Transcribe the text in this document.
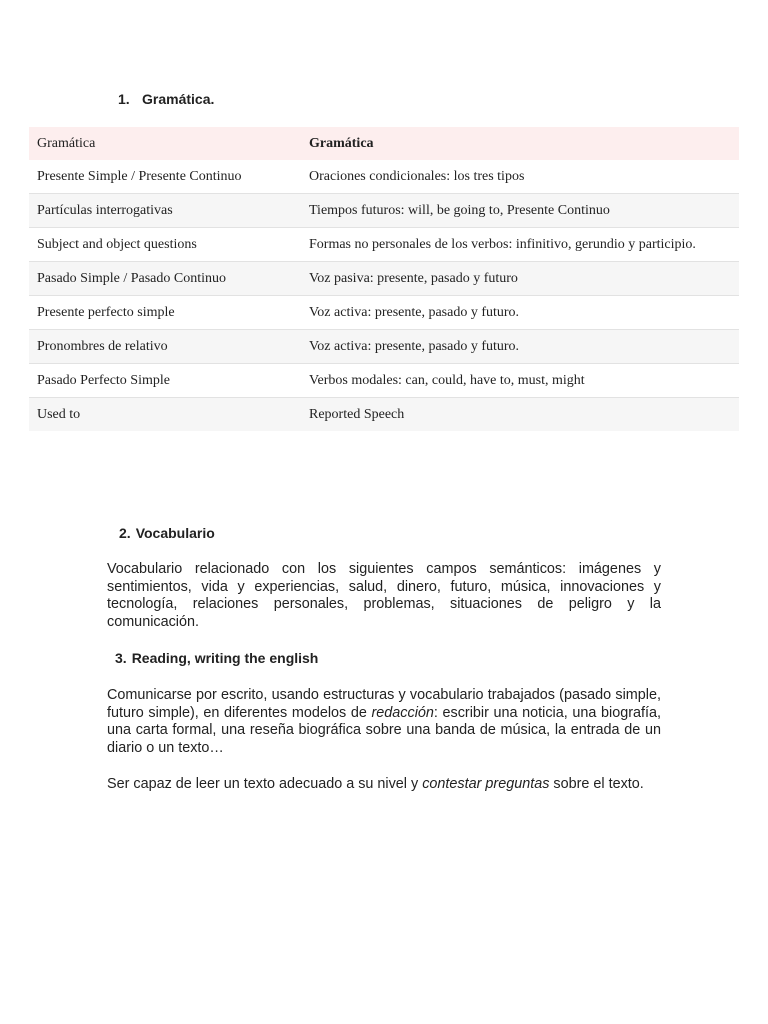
1. Gramática.
Gramática	Gramática
Presente Simple / Presente Continuo	Oraciones condicionales: los tres tipos
Partículas interrogativas	Tiempos futuros: will, be going to, Presente Continuo
Subject and object questions	Formas no personales de los verbos: infinitivo, gerundio y participio.
Pasado Simple / Pasado Continuo	Voz pasiva: presente, pasado y futuro
Presente perfecto simple	Voz activa: presente, pasado y futuro.
Pronombres de relativo	Voz activa: presente, pasado y futuro.
Pasado Perfecto Simple	Verbos modales: can, could, have to, must, might
Used to	Reported Speech
2. Vocabulario

Vocabulario relacionado con los siguientes campos semánticos: imágenes y sentimientos, vida y experiencias, salud, dinero, futuro, música, innovaciones y tecnología, relaciones personales, problemas, situaciones de peligro y la comunicación.

3. Reading, writing the english

Comunicarse por escrito, usando estructuras y vocabulario trabajados (pasado simple, futuro simple), en diferentes modelos de redacción: escribir una noticia, una biografía, una carta formal, una reseña biográfica sobre una banda de música, la entrada de un diario o un texto…

Ser capaz de leer un texto adecuado a su nivel y contestar preguntas sobre el texto.
